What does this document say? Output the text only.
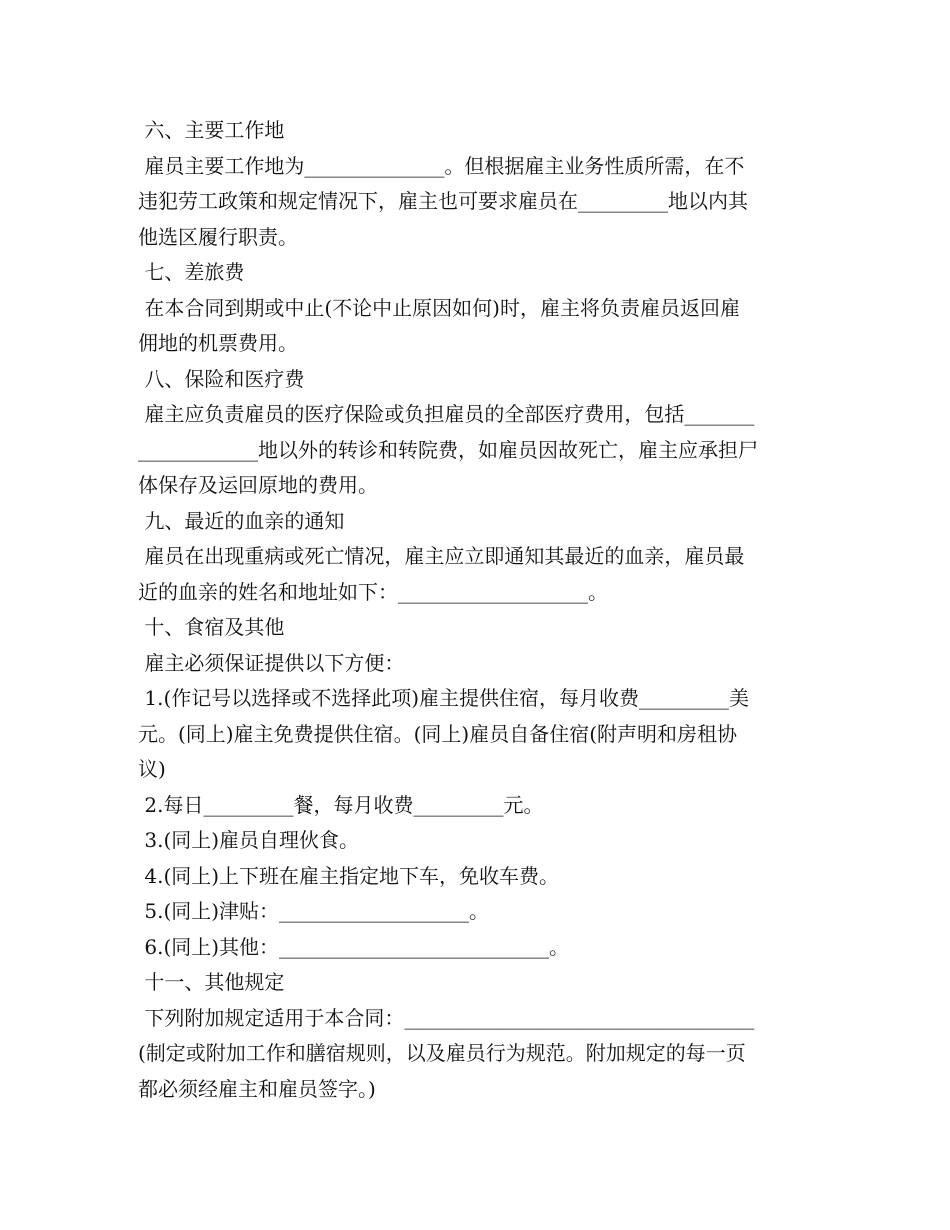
六、主要工作地

雇员主要工作地为______________。但根据雇主业务性质所需，在不

违犯劳工政策和规定情况下，雇主也可要求雇员在_________地以内其

他选区履行职责。

七、差旅费

在本合同到期或中止(不论中止原因如何)时，雇主将负责雇员返回雇

佣地的机票费用。

八、保险和医疗费

雇主应负责雇员的医疗保险或负担雇员的全部医疗费用，包括_______

____________地以外的转诊和转院费，如雇员因故死亡，雇主应承担尸

体保存及运回原地的费用。

九、最近的血亲的通知

雇员在出现重病或死亡情况，雇主应立即通知其最近的血亲，雇员最

近的血亲的姓名和地址如下：___________________。

十、食宿及其他

雇主必须保证提供以下方便：

1.(作记号以选择或不选择此项)雇主提供住宿，每月收费_________美

元。(同上)雇主免费提供住宿。(同上)雇员自备住宿(附声明和房租协

议)

2.每日_________餐，每月收费_________元。

3.(同上)雇员自理伙食。

4.(同上)上下班在雇主指定地下车，免收车费。

5.(同上)津贴：___________________。

6.(同上)其他：___________________________。

十一、其他规定

下列附加规定适用于本合同：___________________________________

(制定或附加工作和膳宿规则，以及雇员行为规范。附加规定的每一页

都必须经雇主和雇员签字。)
